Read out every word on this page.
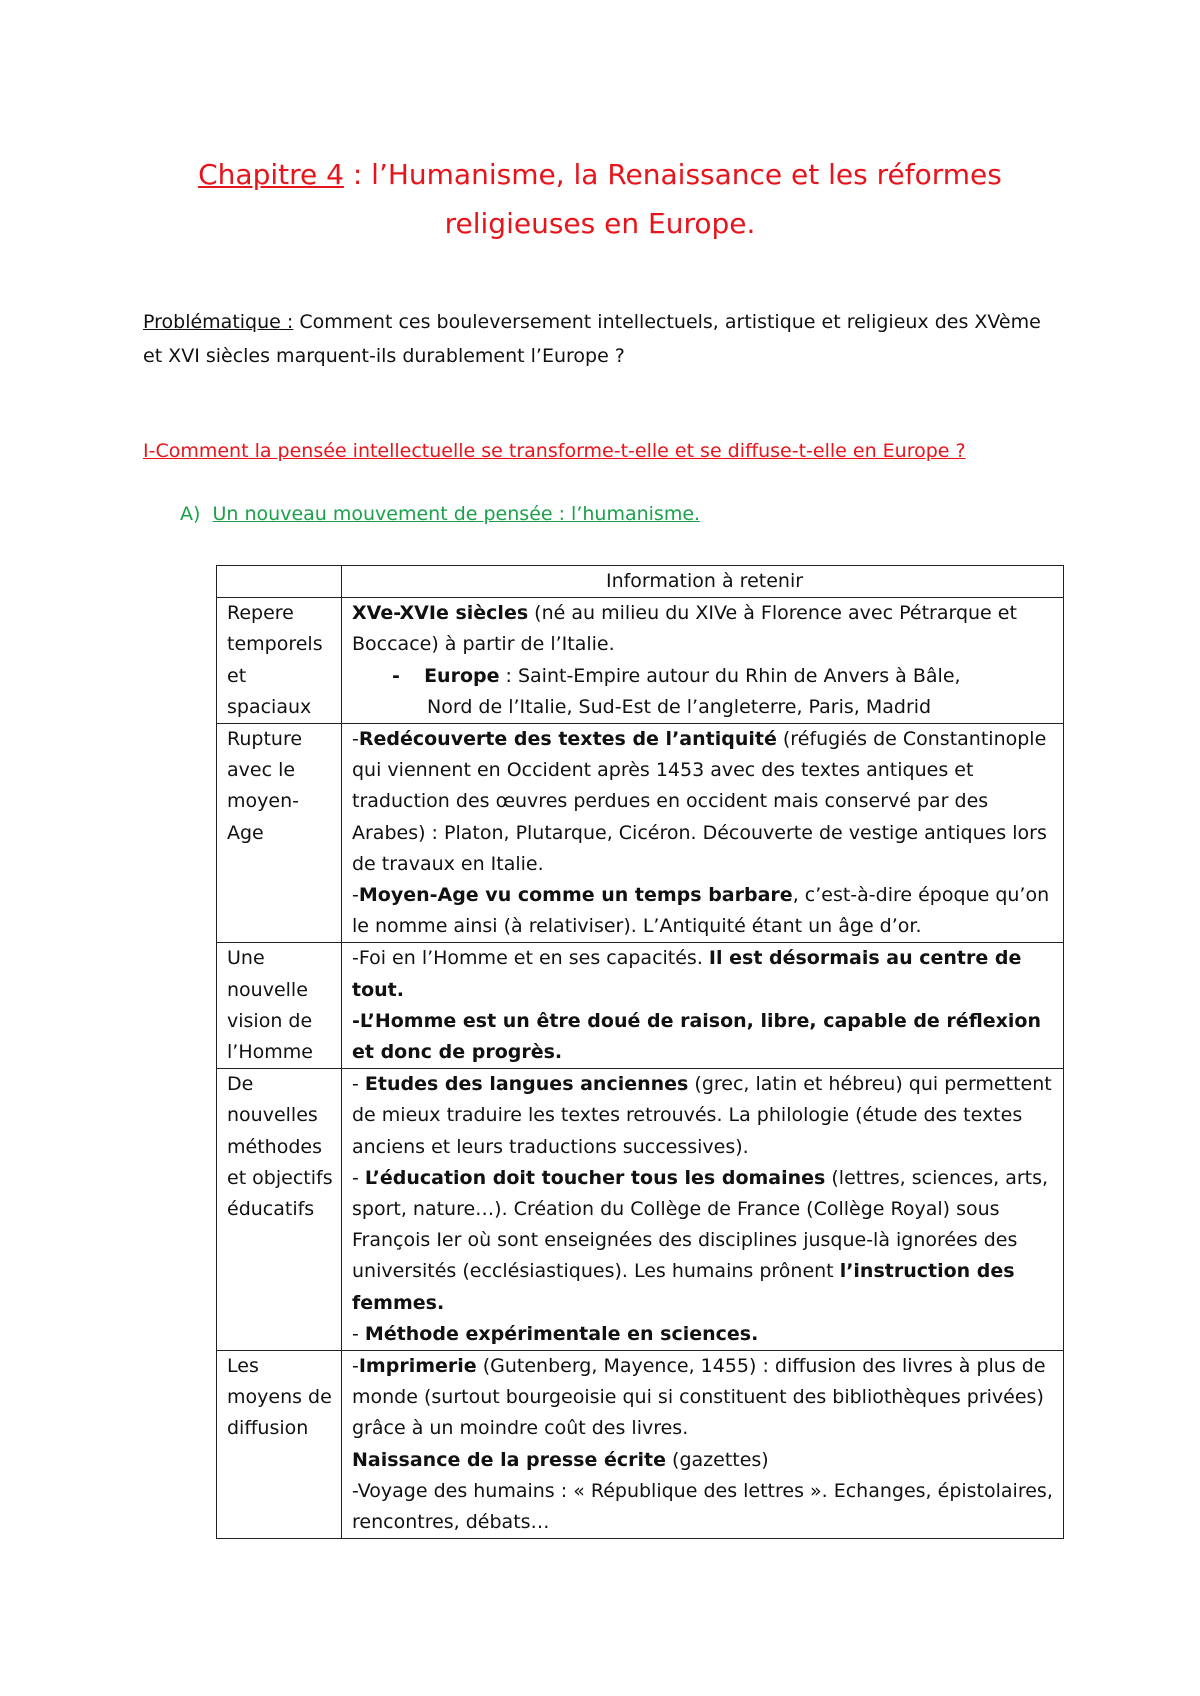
Chapitre 4 : l’Humanisme, la Renaissance et les réformes
religieuses en Europe.
Problématique : Comment ces bouleversement intellectuels, artistique et religieux des XVème et XVI siècles marquent-ils durablement l’Europe ?
I-Comment la pensée intellectuelle se transforme-t-elle et se diffuse-t-elle en Europe ?
A) Un nouveau mouvement de pensée : l’humanisme.
	Information à retenir
Repere temporels et spaciaux	XVe-XVIe siècles (né au milieu du XIVe à Florence avec Pétrarque et Boccace) à partir de l’Italie.

- Europe : Saint-Empire autour du Rhin de Anvers à Bâle,

Nord de l’Italie, Sud-Est de l’angleterre, Paris, Madrid

Rupture avec le moyen-Age	-Redécouverte des textes de l’antiquité (réfugiés de Constantinople qui viennent en Occident après 1453 avec des textes antiques et traduction des œuvres perdues en occident mais conservé par des Arabes) : Platon, Plutarque, Cicéron. Découverte de vestige antiques lors de travaux en Italie.

-Moyen-Age vu comme un temps barbare, c’est-à-dire époque qu’on le nomme ainsi (à relativiser). L’Antiquité étant un âge d’or.

Une nouvelle vision de l’Homme	-Foi en l’Homme et en ses capacités. Il est désormais au centre de tout.

-L’Homme est un être doué de raison, libre, capable de réflexion et donc de progrès.

De nouvelles méthodes et objectifs éducatifs	- Etudes des langues anciennes (grec, latin et hébreu) qui permettent de mieux traduire les textes retrouvés. La philologie (étude des textes anciens et leurs traductions successives).

- L’éducation doit toucher tous les domaines (lettres, sciences, arts, sport, nature…). Création du Collège de France (Collège Royal) sous François Ier où sont enseignées des disciplines jusque-là ignorées des universités (ecclésiastiques). Les humains prônent l’instruction des femmes.

- Méthode expérimentale en sciences.

Les moyens de diffusion	-Imprimerie (Gutenberg, Mayence, 1455) : diffusion des livres à plus de monde (surtout bourgeoisie qui si constituent des bibliothèques privées) grâce à un moindre coût des livres.

Naissance de la presse écrite (gazettes)

-Voyage des humains : « République des lettres ». Echanges, épistolaires, rencontres, débats…
